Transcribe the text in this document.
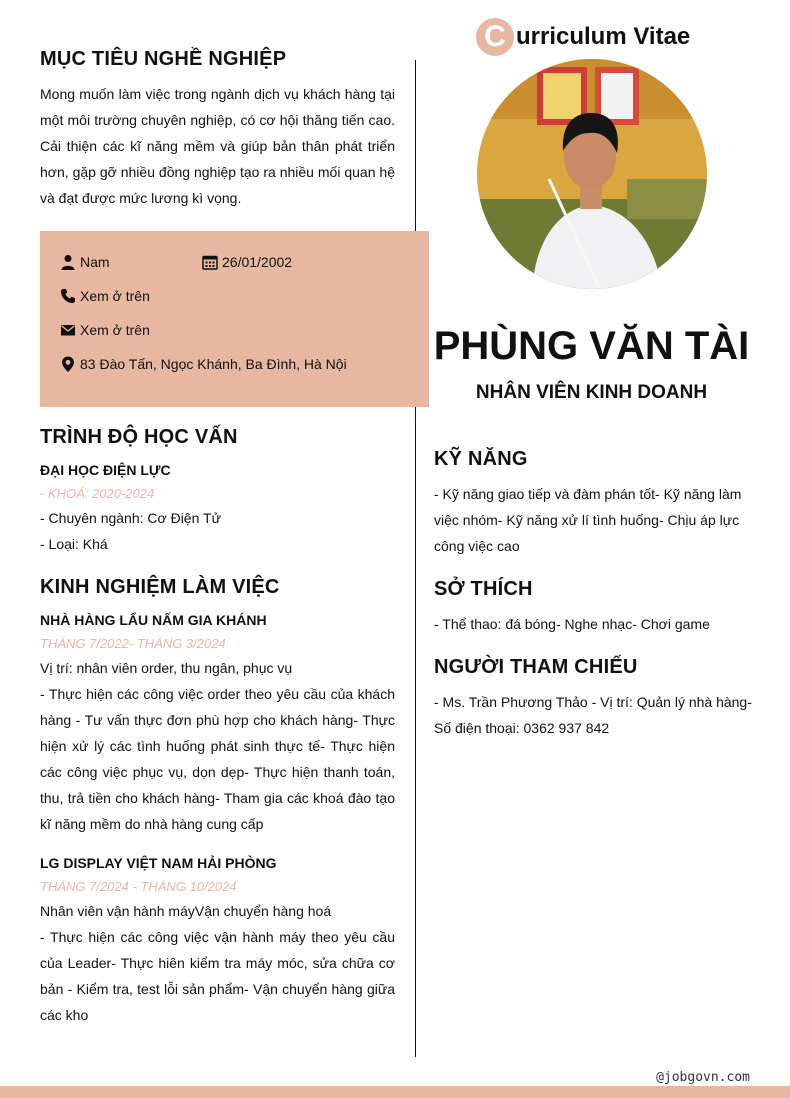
C urriculum Vitae
MỤC TIÊU NGHỀ NGHIỆP

Mong muốn làm việc trong ngành dịch vụ khách hàng tại một môi trường chuyên nghiệp, có cơ hội thăng tiến cao. Cải thiện các kĩ năng mềm và giúp bản thân phát triển hơn, gặp gỡ nhiều đồng nghiệp tạo ra nhiều mối quan hệ và đạt được mức lương kì vọng.

Nam	26/01/2002
Xem ở trên
Xem ở trên
83 Đào Tấn, Ngọc Khánh, Ba Đình, Hà Nội
TRÌNH ĐỘ HỌC VẤN
ĐẠI HỌC ĐIỆN LỰC
- KHOÁ: 2020-2024
- Chuyên ngành: Cơ Điện Tử
- Loại: Khá
KINH NGHIỆM LÀM VIỆC
NHÀ HÀNG LẨU NẤM GIA KHÁNH
THÁNG 7/2022- THÁNG 3/2024
Vị trí: nhân viên order, thu ngân, phục vụ

- Thực hiện các công việc order theo yêu cầu của khách hàng - Tư vấn thực đơn phù hợp cho khách hàng- Thực hiện xử lý các tình huống phát sinh thực tế- Thực hiện các công việc phục vụ, dọn dẹp- Thực hiện thanh toán, thu, trả tiền cho khách hàng- Tham gia các khoá đào tạo kĩ năng mềm do nhà hàng cung cấp

LG DISPLAY VIỆT NAM HẢI PHÒNG
THÁNG 7/2024 - THÁNG 10/2024
Nhân viên vận hành máyVận chuyển hàng hoá

- Thực hiện các công việc vận hành máy theo yêu cầu của Leader- Thực hiên kiểm tra máy móc, sửa chữa cơ bản - Kiểm tra, test lỗi sản phẩm- Vận chuyển hàng giữa các kho

PHÙNG VĂN TÀI
NHÂN VIÊN KINH DOANH
KỸ NĂNG

- Kỹ năng giao tiếp và đàm phán tốt- Kỹ năng làm việc nhóm- Kỹ năng xử lí tình huống- Chịu áp lực công việc cao

SỞ THÍCH

- Thể thao: đá bóng- Nghe nhạc- Chơi game

NGƯỜI THAM CHIẾU

- Ms. Trần Phương Thảo - Vị trí: Quản lý nhà hàng- Số điện thoại: 0362 937 842

@jobgovn.com
